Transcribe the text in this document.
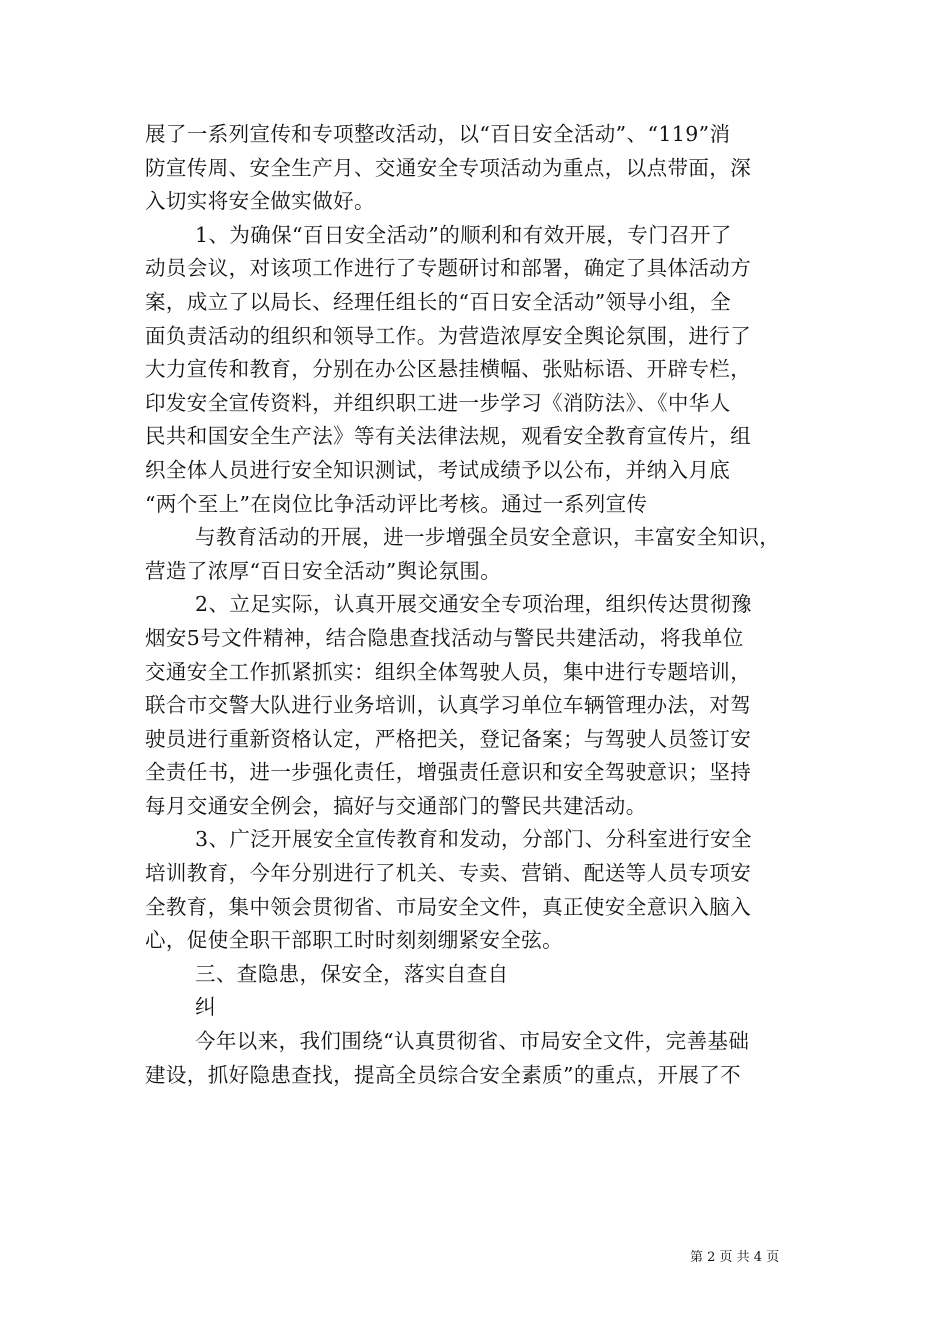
展了一系列宣传和专项整改活动，以“百日安全活动”、“119”消
防宣传周、安全生产月、交通安全专项活动为重点，以点带面，深
入切实将安全做实做好。
1、为确保“百日安全活动”的顺利和有效开展，专门召开了
动员会议，对该项工作进行了专题研讨和部署，确定了具体活动方
案，成立了以局长、经理任组长的“百日安全活动”领导小组，全
面负责活动的组织和领导工作。为营造浓厚安全舆论氛围，进行了
大力宣传和教育，分别在办公区悬挂横幅、张贴标语、开辟专栏，
印发安全宣传资料，并组织职工进一步学习《消防法》、《中华人
民共和国安全生产法》等有关法律法规，观看安全教育宣传片，组
织全体人员进行安全知识测试，考试成绩予以公布，并纳入月底
“两个至上”在岗位比争活动评比考核。通过一系列宣传
与教育活动的开展，进一步增强全员安全意识，丰富安全知识，
营造了浓厚“百日安全活动”舆论氛围。
2、立足实际，认真开展交通安全专项治理，组织传达贯彻豫
烟安5号文件精神，结合隐患查找活动与警民共建活动，将我单位
交通安全工作抓紧抓实：组织全体驾驶人员，集中进行专题培训，
联合市交警大队进行业务培训，认真学习单位车辆管理办法，对驾
驶员进行重新资格认定，严格把关，登记备案；与驾驶人员签订安
全责任书，进一步强化责任，增强责任意识和安全驾驶意识；坚持
每月交通安全例会，搞好与交通部门的警民共建活动。
3、广泛开展安全宣传教育和发动，分部门、分科室进行安全
培训教育，今年分别进行了机关、专卖、营销、配送等人员专项安
全教育，集中领会贯彻省、市局安全文件，真正使安全意识入脑入
心，促使全职干部职工时时刻刻绷紧安全弦。
三、查隐患，保安全，落实自查自
纠
今年以来，我们围绕“认真贯彻省、市局安全文件，完善基础
建设，抓好隐患查找，提高全员综合安全素质”的重点，开展了不
第 2 页 共 4 页
